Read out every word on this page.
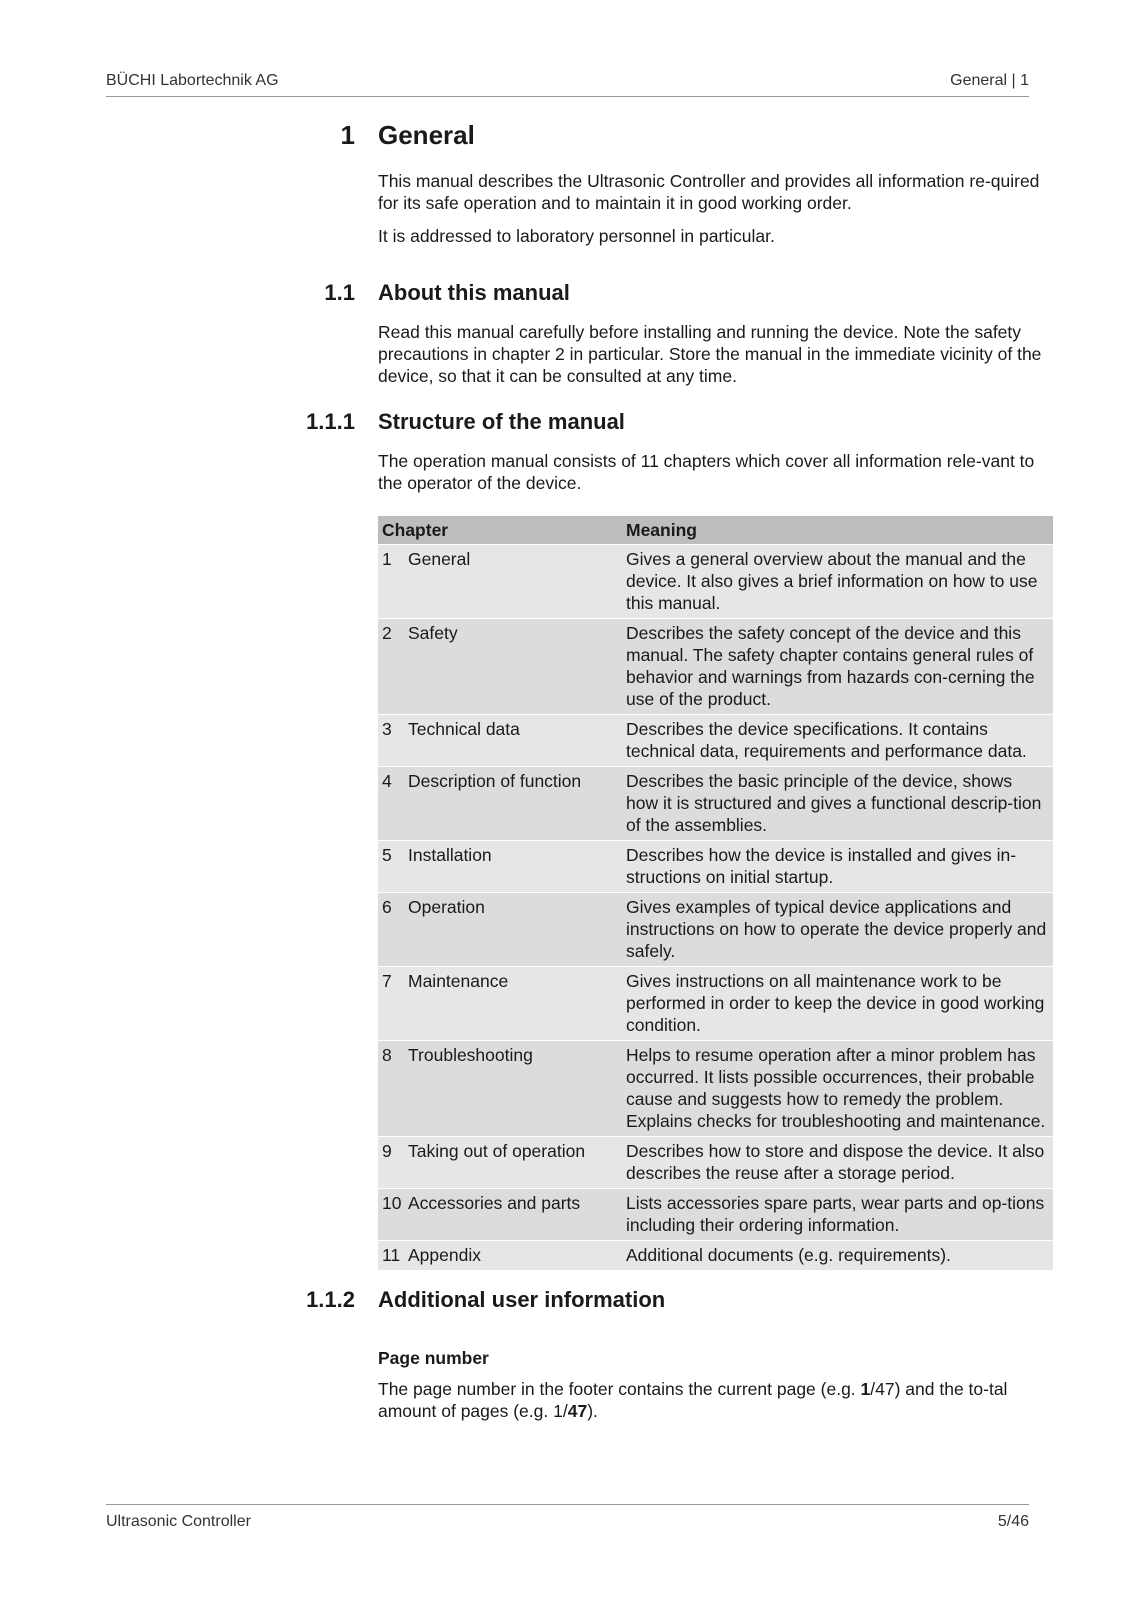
BÜCHI Labortechnik AG	General | 1
1 General
This manual describes the Ultrasonic Controller and provides all information re-quired for its safe operation and to maintain it in good working order.
It is addressed to laboratory personnel in particular.
1.1 About this manual
Read this manual carefully before installing and running the device. Note the safety precautions in chapter 2 in particular. Store the manual in the immediate vicinity of the device, so that it can be consulted at any time.
1.1.1 Structure of the manual
The operation manual consists of 11 chapters which cover all information rele-vant to the operator of the device.
Chapter	Meaning
1 General	Gives a general overview about the manual and the device. It also gives a brief information on how to use this manual.
2 Safety	Describes the safety concept of the device and this manual. The safety chapter contains general rules of behavior and warnings from hazards con-cerning the use of the product.
3 Technical data	Describes the device specifications. It contains technical data, requirements and performance data.
4 Description of function	Describes the basic principle of the device, shows how it is structured and gives a functional descrip-tion of the assemblies.
5 Installation	Describes how the device is installed and gives in-structions on initial startup.
6 Operation	Gives examples of typical device applications and instructions on how to operate the device properly and safely.
7 Maintenance	Gives instructions on all maintenance work to be performed in order to keep the device in good working condition.
8 Troubleshooting	Helps to resume operation after a minor problem has occurred. It lists possible occurrences, their probable cause and suggests how to remedy the problem. Explains checks for troubleshooting and maintenance.
9 Taking out of operation	Describes how to store and dispose the device. It also describes the reuse after a storage period.
10 Accessories and parts	Lists accessories spare parts, wear parts and op-tions including their ordering information.
11 Appendix	Additional documents (e.g. requirements).
1.1.2 Additional user information
Page number
The page number in the footer contains the current page (e.g. 1/47) and the to-tal amount of pages (e.g. 1/47).
Ultrasonic Controller	5/46
